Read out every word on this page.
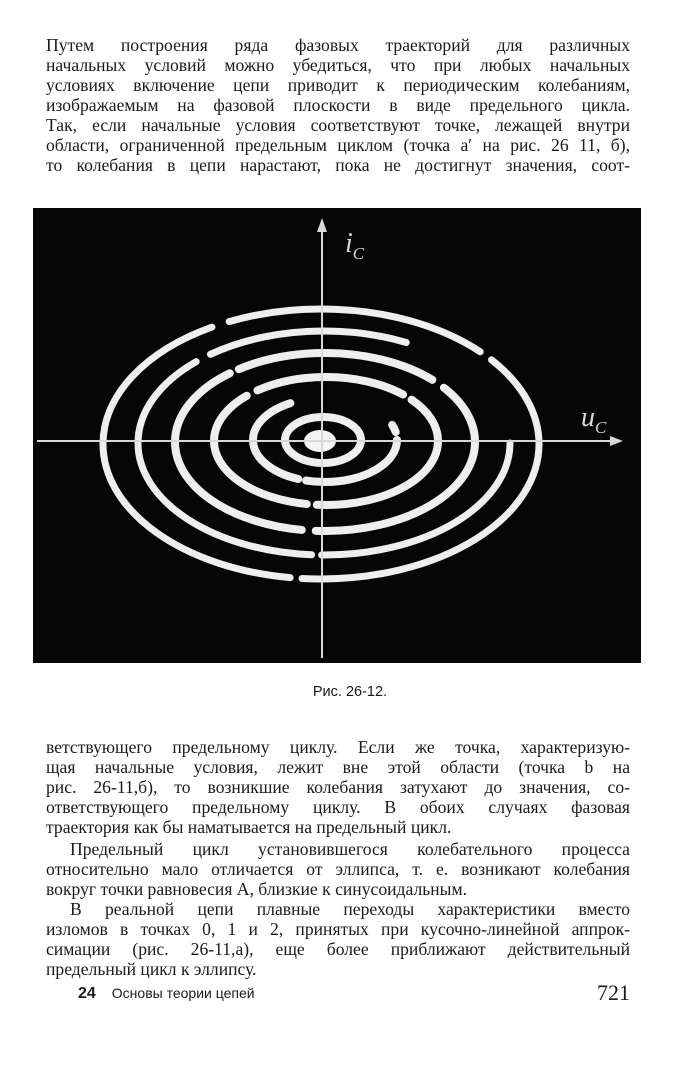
Путем построения ряда фазовых траекторий для различных

начальных условий можно убедиться, что при любых начальных

условиях включение цепи приводит к периодическим колебаниям,

изображаемым на фазовой плоскости в виде предельного цикла.

Так, если начальные условия соответствуют точке, лежащей внутри

области, ограниченной предельным циклом (точка a′ на рис. 26 11, б),

то колебания в цепи нарастают, пока не достигнут значения, соот-

$i_C$
$u_C$
Рис. 26-12.

ветствующего предельному циклу. Если же точка, характеризую-

щая начальные условия, лежит вне этой области (точка b на

рис. 26-11,б), то возникшие колебания затухают до значения, со-

ответствующего предельному циклу. В обоих случаях фазовая

траектория как бы наматывается на предельный цикл.

Предельный цикл установившегося колебательного процесса

относительно мало отличается от эллипса, т. е. возникают колебания

вокруг точки равновесия A, близкие к синусоидальным.

В реальной цепи плавные переходы характеристики вместо

изломов в точках 0, 1 и 2, принятых при кусочно-линейной аппрок-

симации (рис. 26-11,а), еще более приближают действительный

предельный цикл к эллипсу.

24 Основы теории цепей	721
